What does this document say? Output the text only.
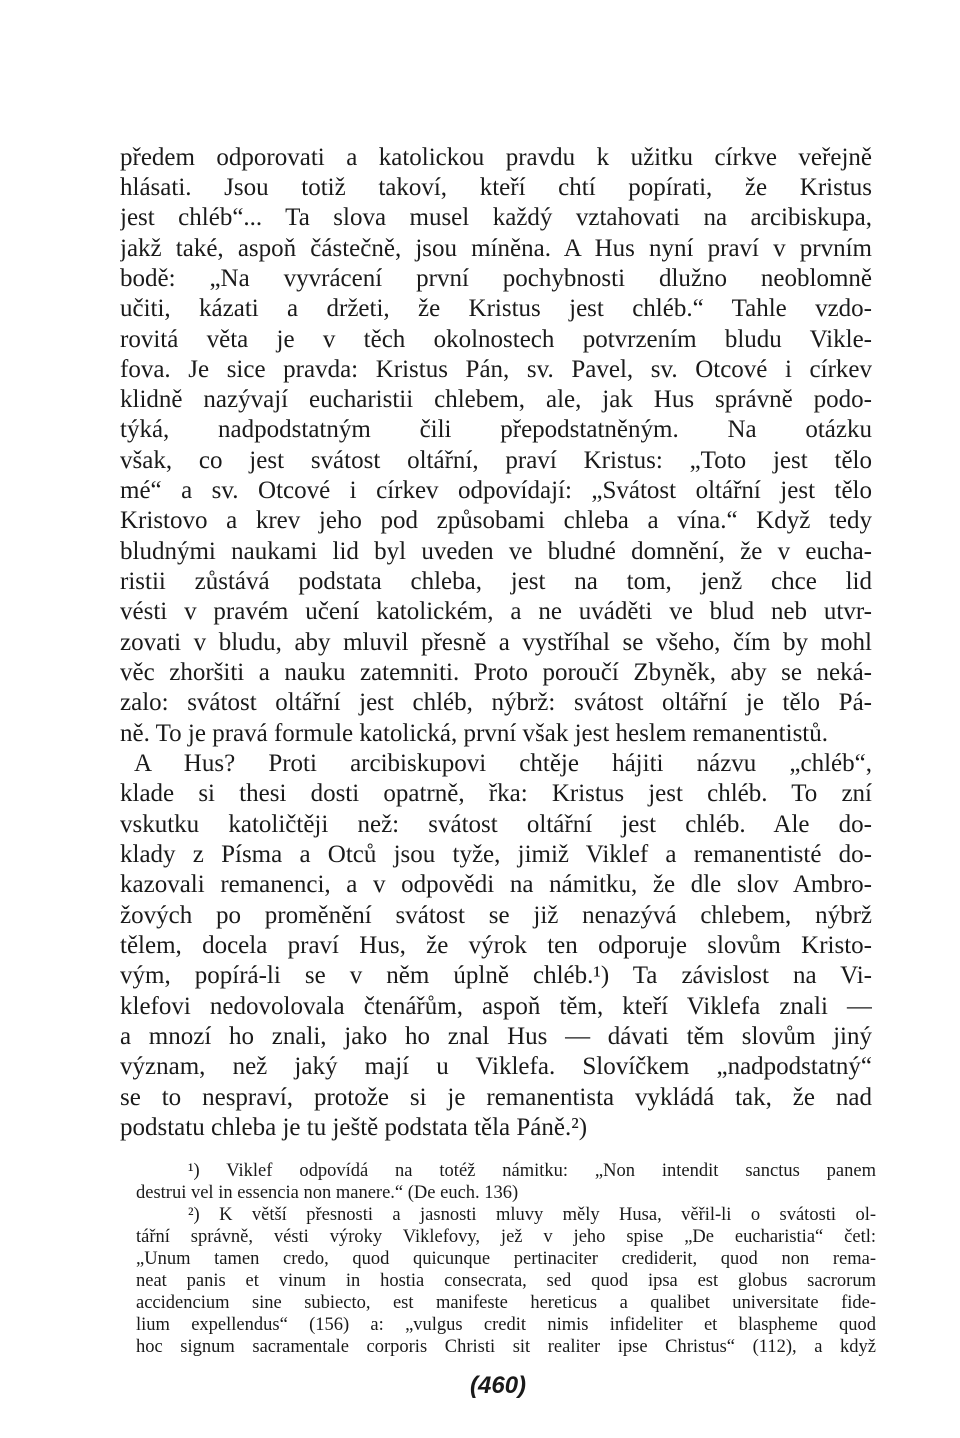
předem odporovati a katolickou pravdu k užitku církve veřejně
hlásati. Jsou totiž takoví, kteří chtí popírati, že Kristus
jest chléb“... Ta slova musel každý vztahovati na arcibiskupa,
jakž také, aspoň částečně, jsou míněna. A Hus nyní praví v prvním
bodě: „Na vyvrácení první pochybnosti dlužno neoblomně
učiti, kázati a držeti, že Kristus jest chléb.“ Tahle vzdo-
rovitá věta je v těch okolnostech potvrzením bludu Vikle-
fova. Je sice pravda: Kristus Pán, sv. Pavel, sv. Otcové i církev
klidně nazývají eucharistii chlebem, ale, jak Hus správně podo-
týká, nadpodstatným čili přepodstatněným. Na otázku
však, co jest svátost oltářní, praví Kristus: „Toto jest tělo
mé“ a sv. Otcové i církev odpovídají: „Svátost oltářní jest tělo
Kristovo a krev jeho pod způsobami chleba a vína.“ Když tedy
bludnými naukami lid byl uveden ve bludné domnění, že v eucha-
ristii zůstává podstata chleba, jest na tom, jenž chce lid
vésti v pravém učení katolickém, a ne uváděti ve blud neb utvr-
zovati v bludu, aby mluvil přesně a vystříhal se všeho, čím by mohl
věc zhoršiti a nauku zatemniti. Proto poroučí Zbyněk, aby se neká-
zalo: svátost oltářní jest chléb, nýbrž: svátost oltářní je tělo Pá-
ně. To je pravá formule katolická, první však jest heslem remanentistů.
A Hus? Proti arcibiskupovi chtěje hájiti názvu „chléb“,
klade si thesi dosti opatrně, řka: Kristus jest chléb. To zní
vskutku katoličtěji než: svátost oltářní jest chléb. Ale do-
klady z Písma a Otců jsou tyže, jimiž Viklef a remanentisté do-
kazovali remanenci, a v odpovědi na námitku, že dle slov Ambro-
žových po proměnění svátost se již nenazývá chlebem, nýbrž
tělem, docela praví Hus, že výrok ten odporuje slovům Kristo-
vým, popírá-li se v něm úplně chléb.¹) Ta závislost na Vi-
klefovi nedovolovala čtenářům, aspoň těm, kteří Viklefa znali —
a mnozí ho znali, jako ho znal Hus — dávati těm slovům jiný
význam, než jaký mají u Viklefa. Slovíčkem „nadpodstatný“
se to nespraví, protože si je remanentista vykládá tak, že nad
podstatu chleba je tu ještě podstata těla Páně.²)
¹) Viklef odpovídá na totéž námitku: „Non intendit sanctus panem
destrui vel in essencia non manere.“ (De euch. 136)
²) K větší přesnosti a jasnosti mluvy měly Husa, věřil-li o svátosti ol-
tářní správně, vésti výroky Viklefovy, jež v jeho spise „De eucharistia“ četl:
„Unum tamen credo, quod quicunque pertinaciter crediderit, quod non rema-
neat panis et vinum in hostia consecrata, sed quod ipsa est globus sacrorum
accidencium sine subiecto, est manifeste hereticus a qualibet universitate fide-
lium expellendus“ (156) a: „vulgus credit nimis infideliter et blaspheme quod
hoc signum sacramentale corporis Christi sit realiter ipse Christus“ (112), a když
(460)
